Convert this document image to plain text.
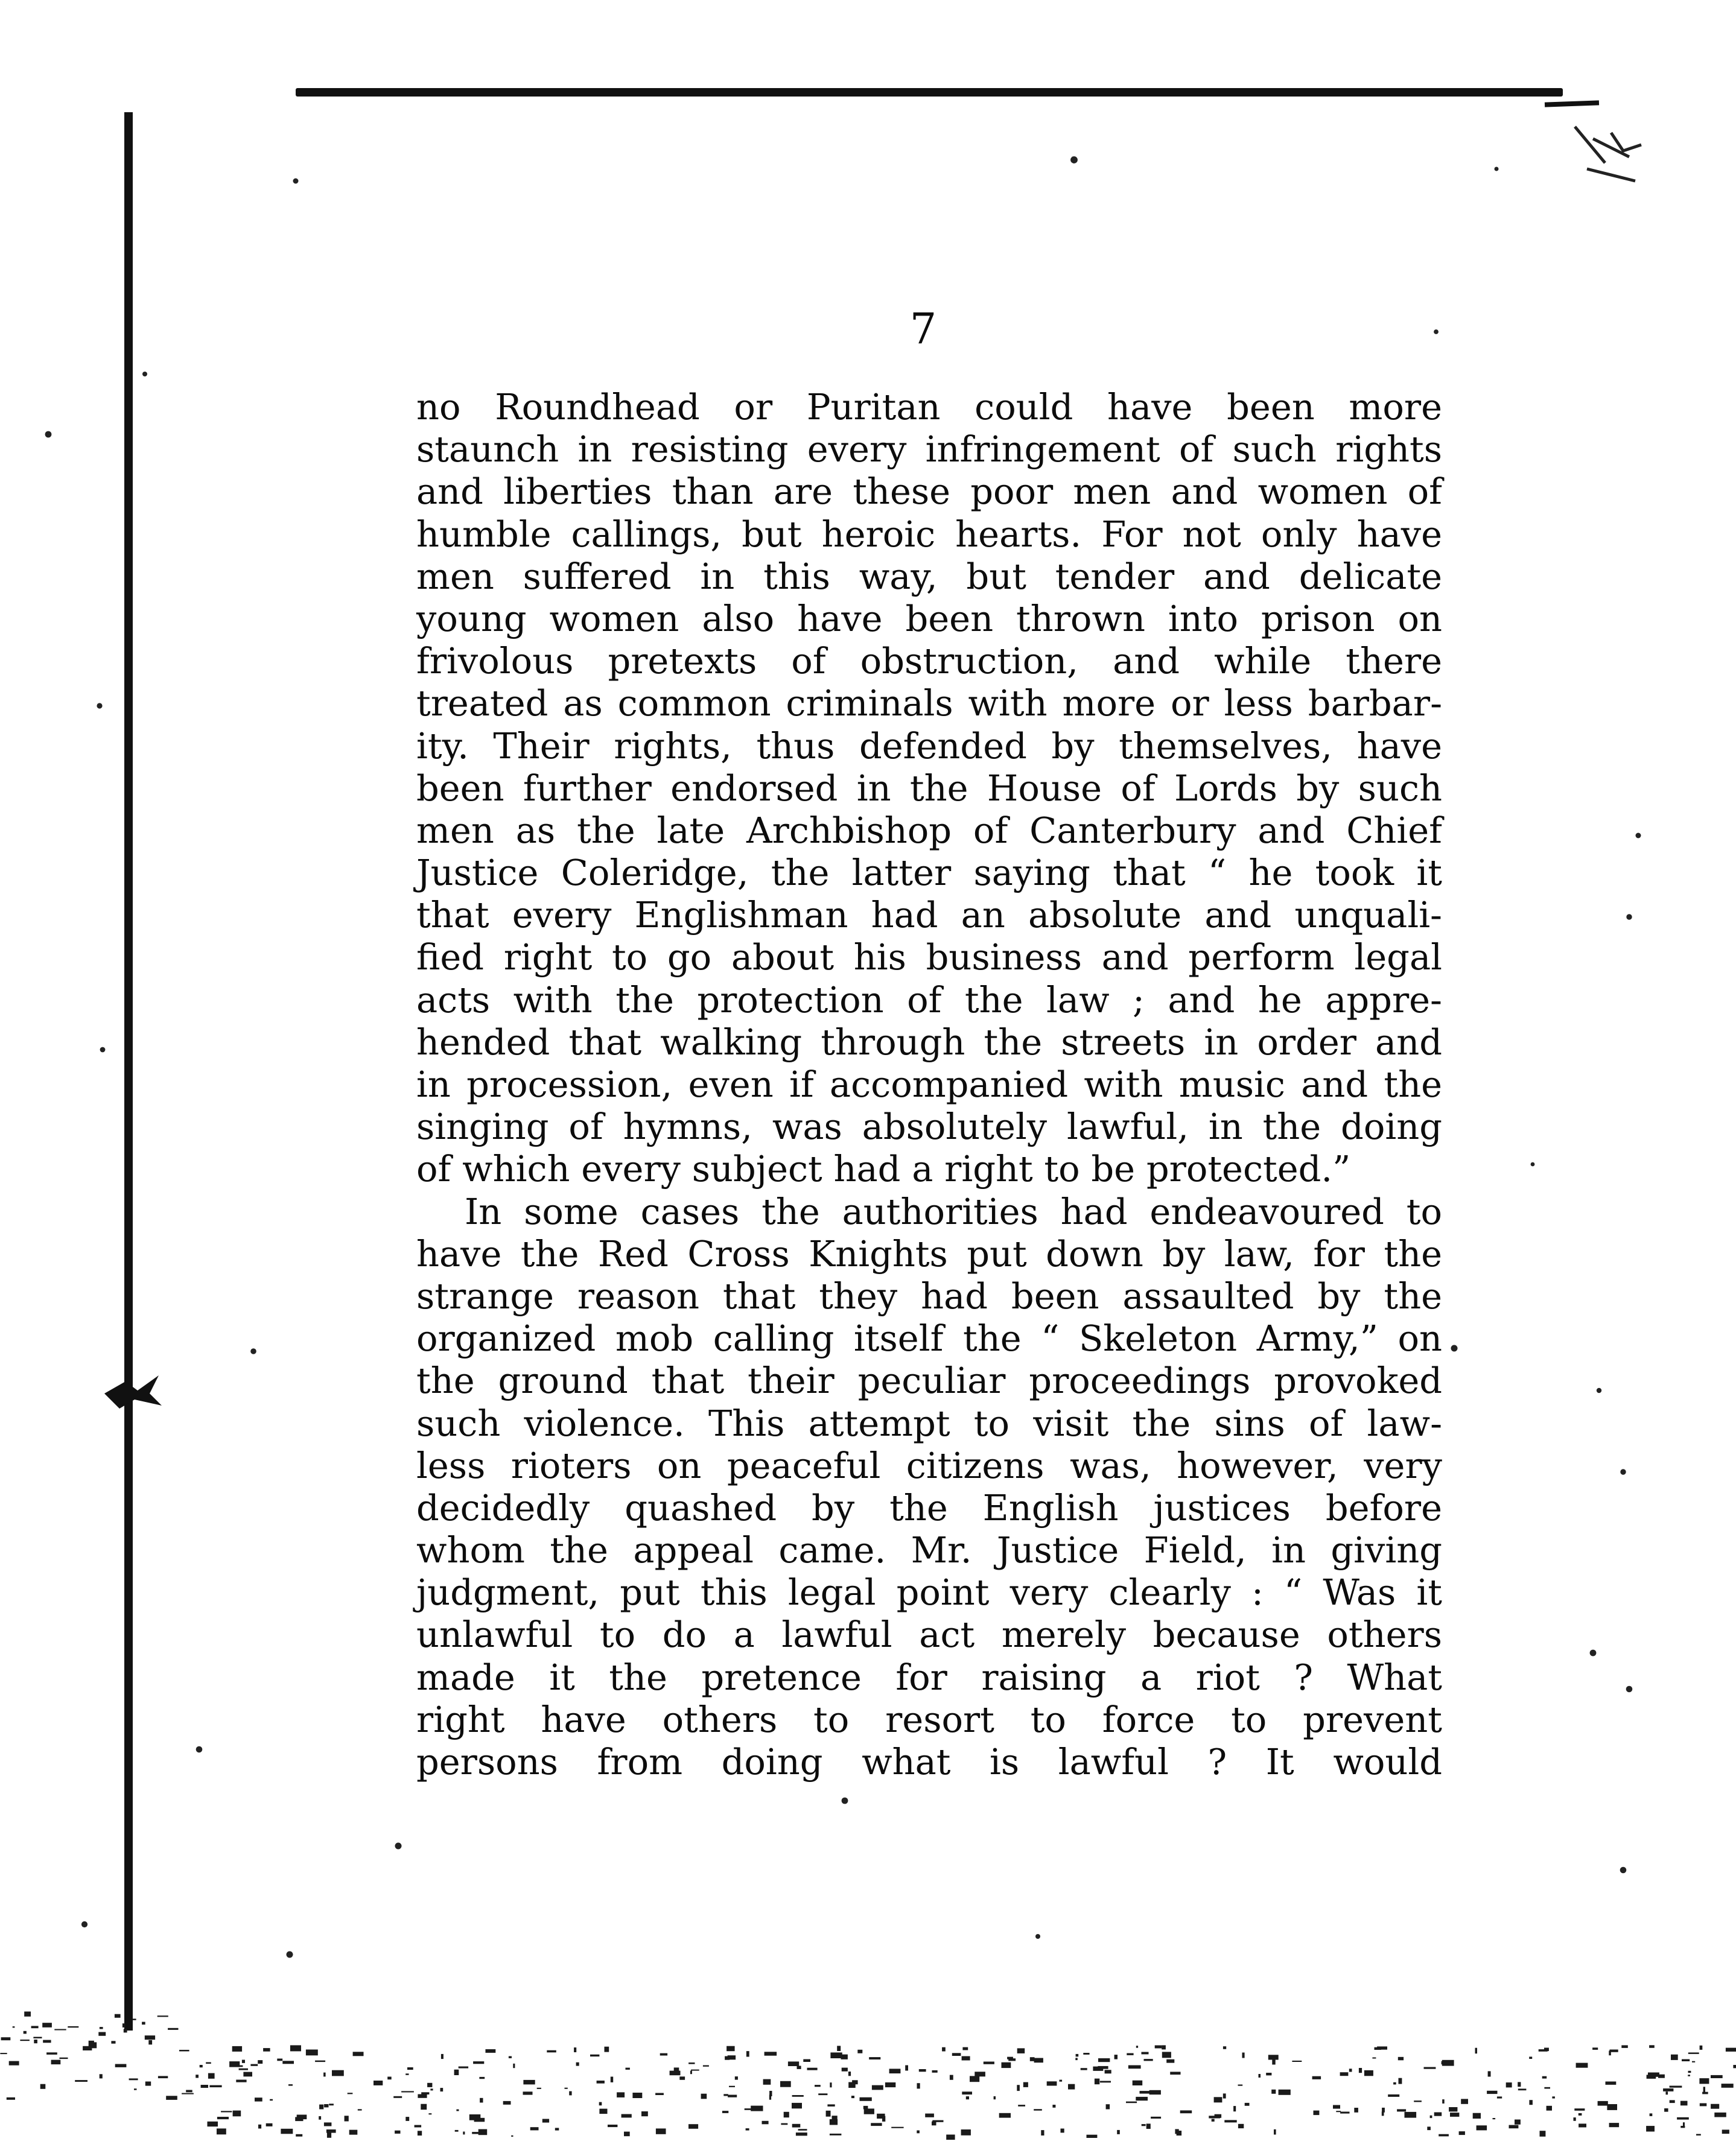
7
no Roundhead or Puritan could have been more
staunch in resisting every infringement of such rights
and liberties than are these poor men and women of
humble callings, but heroic hearts. For not only have
men suffered in this way, but tender and delicate
young women also have been thrown into prison on
frivolous pretexts of obstruction, and while there
treated as common criminals with more or less barbar-
ity. Their rights, thus defended by themselves, have
been further endorsed in the House of Lords by such
men as the late Archbishop of Canterbury and Chief
Justice Coleridge, the latter saying that “ he took it
that every Englishman had an absolute and unquali-
fied right to go about his business and perform legal
acts with the protection of the law ; and he appre-
hended that walking through the streets in order and
in procession, even if accompanied with music and the
singing of hymns, was absolutely lawful, in the doing
of which every subject had a right to be protected.”
In some cases the authorities had endeavoured to
have the Red Cross Knights put down by law, for the
strange reason that they had been assaulted by the
organized mob calling itself the “ Skeleton Army,” on
the ground that their peculiar proceedings provoked
such violence. This attempt to visit the sins of law-
less rioters on peaceful citizens was, however, very
decidedly quashed by the English justices before
whom the appeal came. Mr. Justice Field, in giving
judgment, put this legal point very clearly : “ Was it
unlawful to do a lawful act merely because others
made it the pretence for raising a riot ? What
right have others to resort to force to prevent
persons from doing what is lawful ? It would
